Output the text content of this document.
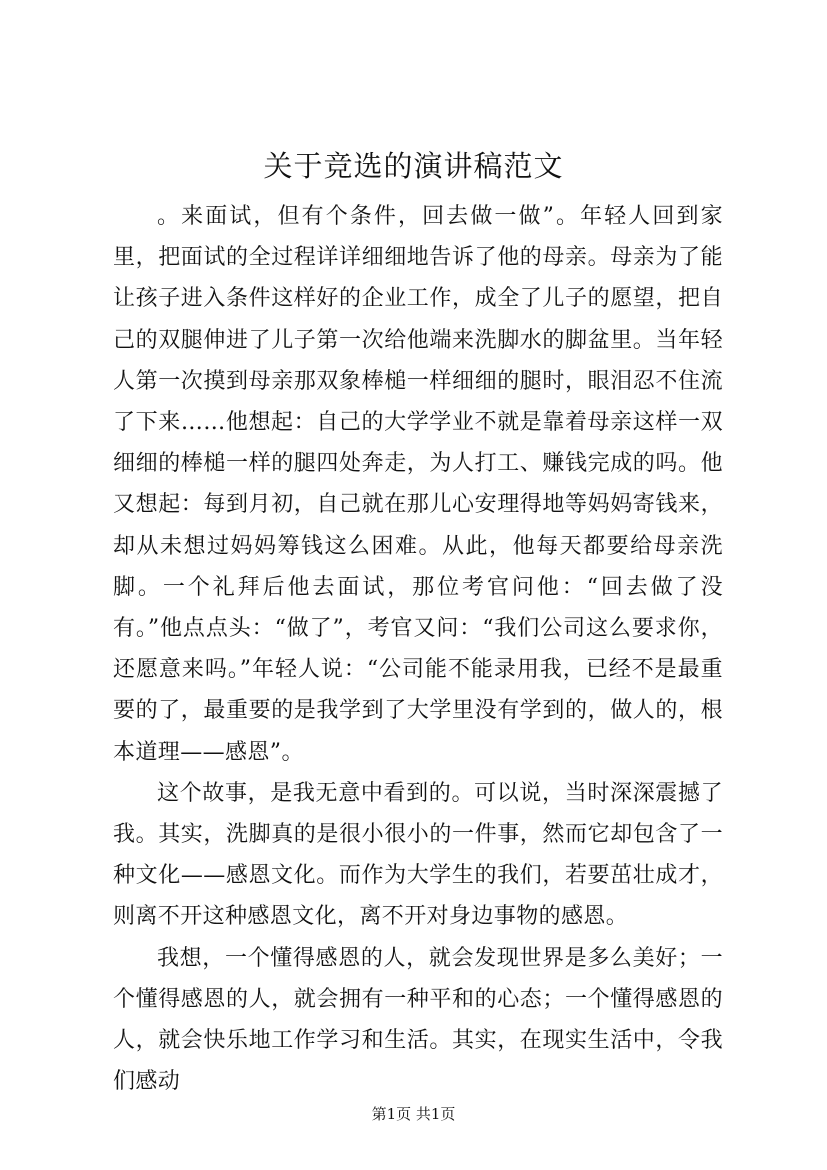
关于竞选的演讲稿范文

。来面试，但有个条件，回去做一做”。年轻人回到家里，把面试的全过程详详细细地告诉了他的母亲。母亲为了能让孩子进入条件这样好的企业工作，成全了儿子的愿望，把自己的双腿伸进了儿子第一次给他端来洗脚水的脚盆里。当年轻人第一次摸到母亲那双象棒槌一样细细的腿时，眼泪忍不住流了下来……他想起：自己的大学学业不就是靠着母亲这样一双细细的棒槌一样的腿四处奔走，为人打工、赚钱完成的吗。他又想起：每到月初，自己就在那儿心安理得地等妈妈寄钱来，却从未想过妈妈筹钱这么困难。从此，他每天都要给母亲洗脚。一个礼拜后他去面试，那位考官问他：“回去做了没有。”他点点头：“做了”，考官又问：“我们公司这么要求你，还愿意来吗。”年轻人说：“公司能不能录用我，已经不是最重要的了，最重要的是我学到了大学里没有学到的，做人的，根本道理——感恩”。

这个故事，是我无意中看到的。可以说，当时深深震撼了我。其实，洗脚真的是很小很小的一件事，然而它却包含了一种文化——感恩文化。而作为大学生的我们，若要茁壮成才，则离不开这种感恩文化，离不开对身边事物的感恩。

我想，一个懂得感恩的人，就会发现世界是多么美好；一个懂得感恩的人，就会拥有一种平和的心态；一个懂得感恩的人，就会快乐地工作学习和生活。其实，在现实生活中，令我们感动

第1页 共1页
